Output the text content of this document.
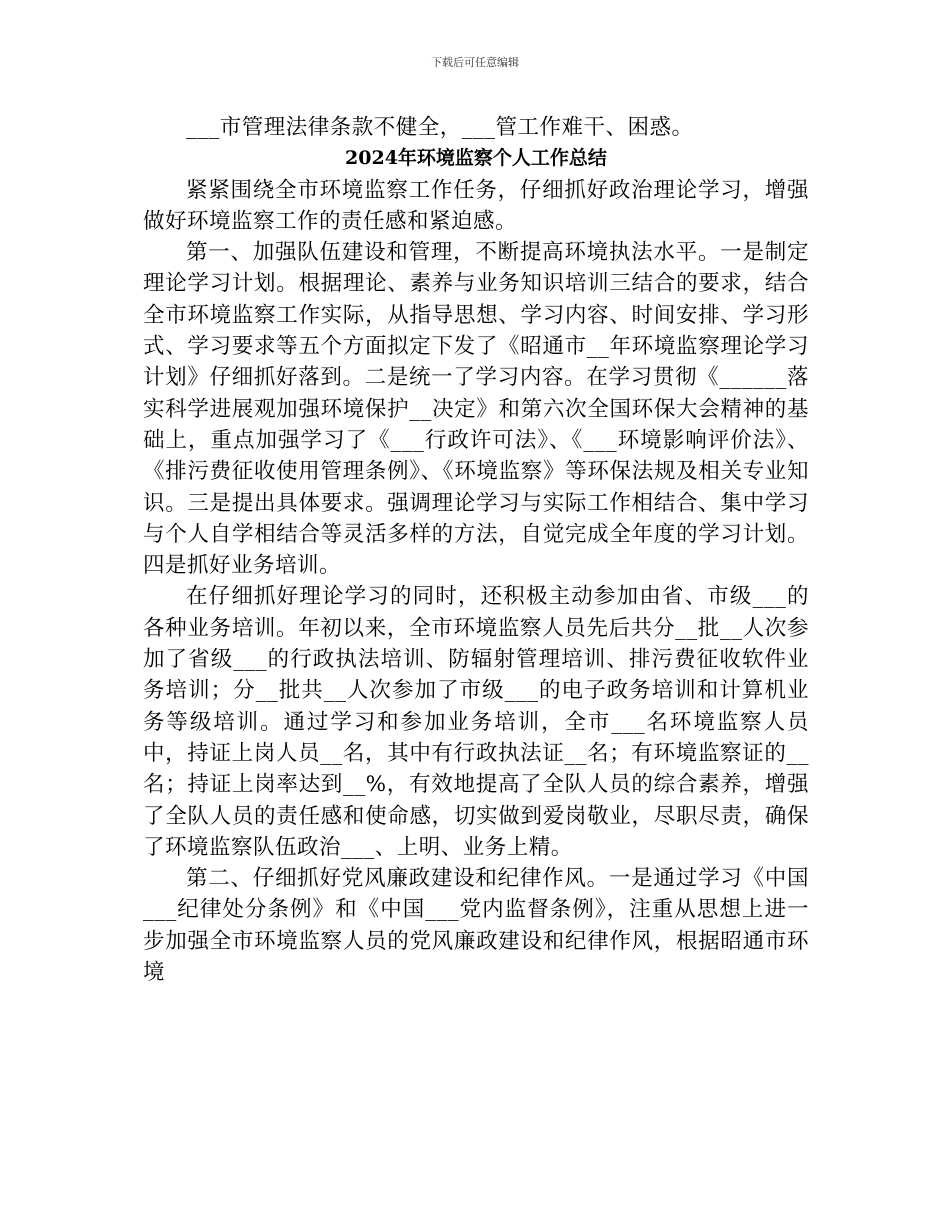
下载后可任意编辑

___市管理法律条款不健全，___管工作难干、困惑。

2024年环境监察个人工作总结

紧紧围绕全市环境监察工作任务，仔细抓好政治理论学习，增强做好环境监察工作的责任感和紧迫感。

第一、加强队伍建设和管理，不断提高环境执法水平。一是制定理论学习计划。根据理论、素养与业务知识培训三结合的要求，结合全市环境监察工作实际，从指导思想、学习内容、时间安排、学习形式、学习要求等五个方面拟定下发了《昭通市__年环境监察理论学习计划》仔细抓好落到。二是统一了学习内容。在学习贯彻《______落实科学进展观加强环境保护__决定》和第六次全国环保大会精神的基础上，重点加强学习了《___行政许可法》、《___环境影响评价法》、《排污费征收使用管理条例》、《环境监察》等环保法规及相关专业知识。三是提出具体要求。强调理论学习与实际工作相结合、集中学习与个人自学相结合等灵活多样的方法，自觉完成全年度的学习计划。四是抓好业务培训。

在仔细抓好理论学习的同时，还积极主动参加由省、市级___的各种业务培训。年初以来，全市环境监察人员先后共分__批__人次参加了省级___的行政执法培训、防辐射管理培训、排污费征收软件业务培训；分__批共__人次参加了市级___的电子政务培训和计算机业务等级培训。通过学习和参加业务培训，全市___名环境监察人员中，持证上岗人员__名，其中有行政执法证__名；有环境监察证的__名；持证上岗率达到__%，有效地提高了全队人员的综合素养，增强了全队人员的责任感和使命感，切实做到爱岗敬业，尽职尽责，确保了环境监察队伍政治___、上明、业务上精。

第二、仔细抓好党风廉政建设和纪律作风。一是通过学习《中国___纪律处分条例》和《中国___党内监督条例》，注重从思想上进一步加强全市环境监察人员的党风廉政建设和纪律作风，根据昭通市环境
